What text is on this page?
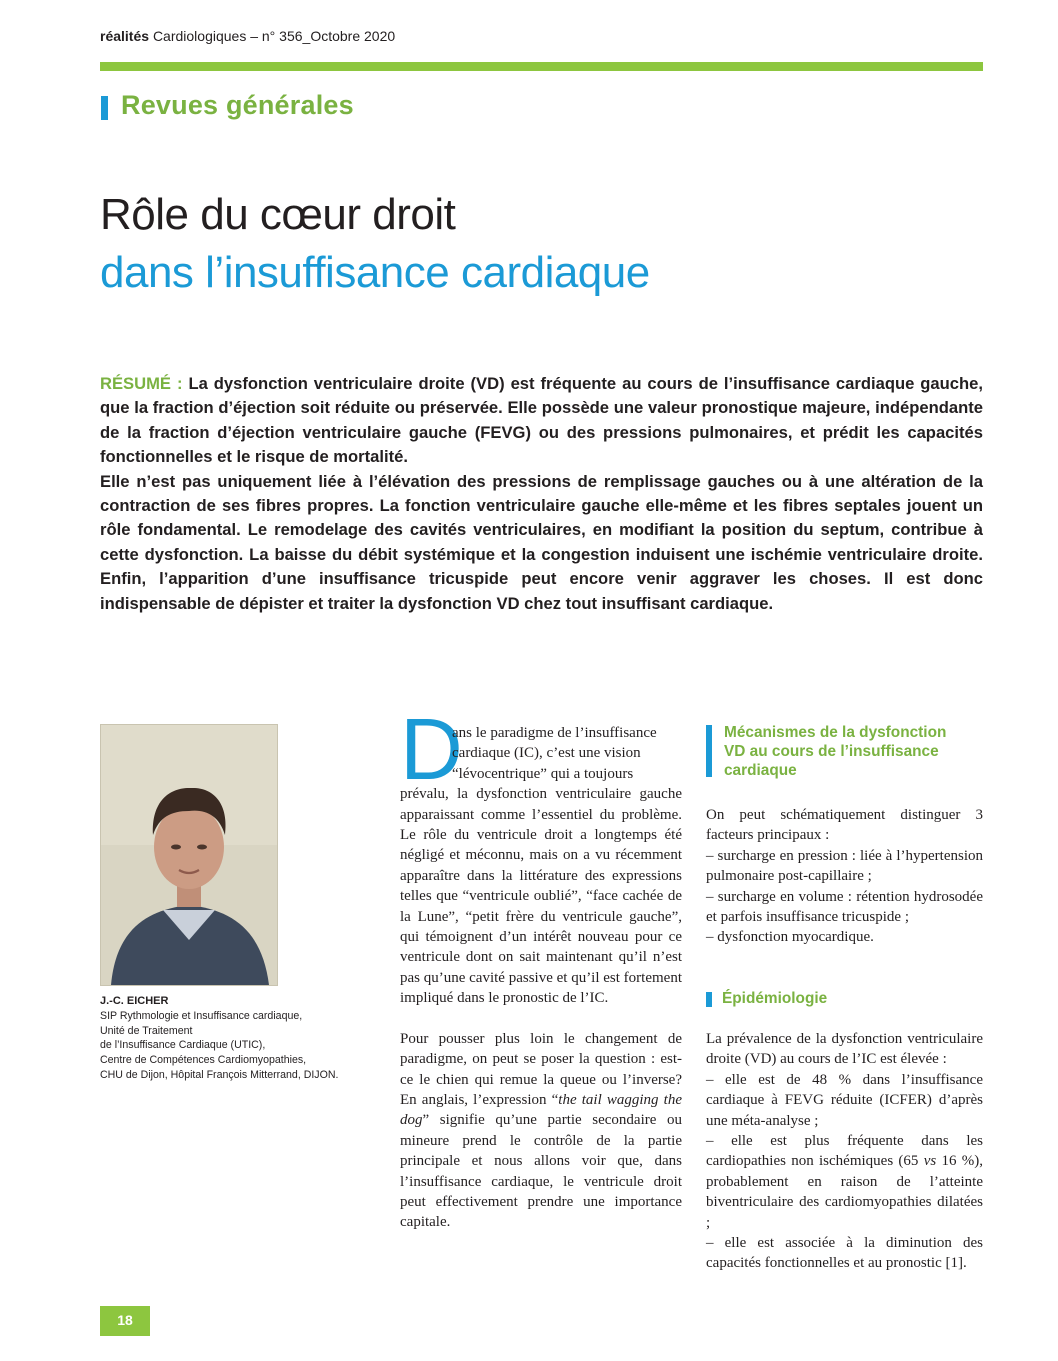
réalités Cardiologiques – n° 356_Octobre 2020
Revues générales
Rôle du cœur droit
dans l’insuffisance cardiaque

RÉSUMÉ : La dysfonction ventriculaire droite (VD) est fréquente au cours de l’insuffisance cardiaque gauche, que la fraction d’éjection soit réduite ou préservée. Elle possède une valeur pronostique majeure, indépendante de la fraction d’éjection ventriculaire gauche (FEVG) ou des pressions pulmonaires, et prédit les capacités fonctionnelles et le risque de mortalité.

Elle n’est pas uniquement liée à l’élévation des pressions de remplissage gauches ou à une altération de la contraction de ses fibres propres. La fonction ventriculaire gauche elle-même et les fibres septales jouent un rôle fondamental. Le remodelage des cavités ventriculaires, en modifiant la position du septum, contribue à cette dysfonction. La baisse du débit systémique et la congestion induisent une ischémie ventriculaire droite. Enfin, l’apparition d’une insuffisance tricuspide peut encore venir aggraver les choses. Il est donc indispensable de dépister et traiter la dysfonction VD chez tout insuffisant cardiaque.

J.-C. EICHER
SIP Rythmologie et Insuffisance cardiaque,
Unité de Traitement
de l’Insuffisance Cardiaque (UTIC),
Centre de Compétences Cardiomyopathies,
CHU de Dijon, Hôpital François Mitterrand, DIJON.
D
ans le paradigme de l’insuffisance
cardiaque (IC), c’est une vision
“lévocentrique” qui a toujours

prévalu, la dysfonction ventriculaire gauche apparaissant comme l’essentiel du problème. Le rôle du ventricule droit a longtemps été négligé et méconnu, mais on a vu récemment apparaître dans la littérature des expressions telles que “ventricule oublié”, “face cachée de la Lune”, “petit frère du ventricule gauche”, qui témoignent d’un intérêt nouveau pour ce ventricule dont on sait maintenant qu’il n’est pas qu’une cavité passive et qu’il est fortement impliqué dans le pronostic de l’IC.

Pour pousser plus loin le changement de paradigme, on peut se poser la question : est-ce le chien qui remue la queue ou l’inverse? En anglais, l’expression “the tail wagging the dog” signifie qu’une partie secondaire ou mineure prend le contrôle de la partie principale et nous allons voir que, dans l’insuffisance cardiaque, le ventricule droit peut effectivement prendre une importance capitale.

Mécanismes de la dysfonction
VD au cours de l’insuffisance
cardiaque

On peut schématiquement distinguer 3 facteurs principaux :

– surcharge en pression : liée à l’hypertension pulmonaire post-capillaire ;

– surcharge en volume : rétention hydrosodée et parfois insuffisance tricuspide ;

– dysfonction myocardique.

Épidémiologie

La prévalence de la dysfonction ventriculaire droite (VD) au cours de l’IC est élevée :

– elle est de 48 % dans l’insuffisance cardiaque à FEVG réduite (ICFER) d’après une méta-analyse ;

– elle est plus fréquente dans les cardiopathies non ischémiques (65 vs 16 %), probablement en raison de l’atteinte biventriculaire des cardiomyopathies dilatées ;

– elle est associée à la diminution des capacités fonctionnelles et au pronostic [1].

18
